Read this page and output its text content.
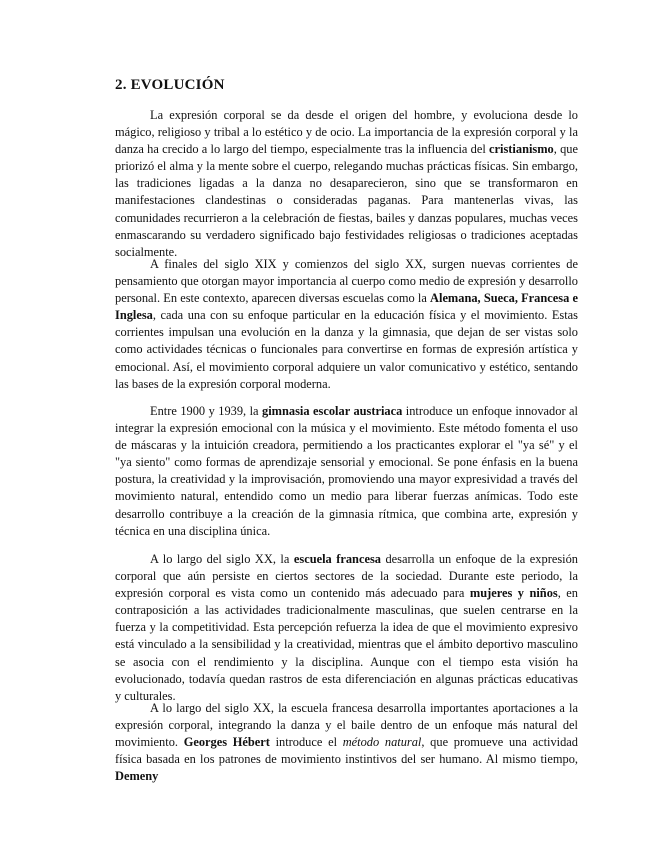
2. EVOLUCIÓN

La expresión corporal se da desde el origen del hombre, y evoluciona desde lo mágico, religioso y tribal a lo estético y de ocio. La importancia de la expresión corporal y la danza ha crecido a lo largo del tiempo, especialmente tras la influencia del cristianismo, que priorizó el alma y la mente sobre el cuerpo, relegando muchas prácticas físicas. Sin embargo, las tradiciones ligadas a la danza no desaparecieron, sino que se transformaron en manifestaciones clandestinas o consideradas paganas. Para mantenerlas vivas, las comunidades recurrieron a la celebración de fiestas, bailes y danzas populares, muchas veces enmascarando su verdadero significado bajo festividades religiosas o tradiciones aceptadas socialmente.

A finales del siglo XIX y comienzos del siglo XX, surgen nuevas corrientes de pensamiento que otorgan mayor importancia al cuerpo como medio de expresión y desarrollo personal. En este contexto, aparecen diversas escuelas como la Alemana, Sueca, Francesa e Inglesa, cada una con su enfoque particular en la educación física y el movimiento. Estas corrientes impulsan una evolución en la danza y la gimnasia, que dejan de ser vistas solo como actividades técnicas o funcionales para convertirse en formas de expresión artística y emocional. Así, el movimiento corporal adquiere un valor comunicativo y estético, sentando las bases de la expresión corporal moderna.

Entre 1900 y 1939, la gimnasia escolar austriaca introduce un enfoque innovador al integrar la expresión emocional con la música y el movimiento. Este método fomenta el uso de máscaras y la intuición creadora, permitiendo a los practicantes explorar el "ya sé" y el "ya siento" como formas de aprendizaje sensorial y emocional. Se pone énfasis en la buena postura, la creatividad y la improvisación, promoviendo una mayor expresividad a través del movimiento natural, entendido como un medio para liberar fuerzas anímicas. Todo este desarrollo contribuye a la creación de la gimnasia rítmica, que combina arte, expresión y técnica en una disciplina única.

A lo largo del siglo XX, la escuela francesa desarrolla un enfoque de la expresión corporal que aún persiste en ciertos sectores de la sociedad. Durante este periodo, la expresión corporal es vista como un contenido más adecuado para mujeres y niños, en contraposición a las actividades tradicionalmente masculinas, que suelen centrarse en la fuerza y la competitividad. Esta percepción refuerza la idea de que el movimiento expresivo está vinculado a la sensibilidad y la creatividad, mientras que el ámbito deportivo masculino se asocia con el rendimiento y la disciplina. Aunque con el tiempo esta visión ha evolucionado, todavía quedan rastros de esta diferenciación en algunas prácticas educativas y culturales.

A lo largo del siglo XX, la escuela francesa desarrolla importantes aportaciones a la expresión corporal, integrando la danza y el baile dentro de un enfoque más natural del movimiento. Georges Hébert introduce el método natural, que promueve una actividad física basada en los patrones de movimiento instintivos del ser humano. Al mismo tiempo, Demeny
